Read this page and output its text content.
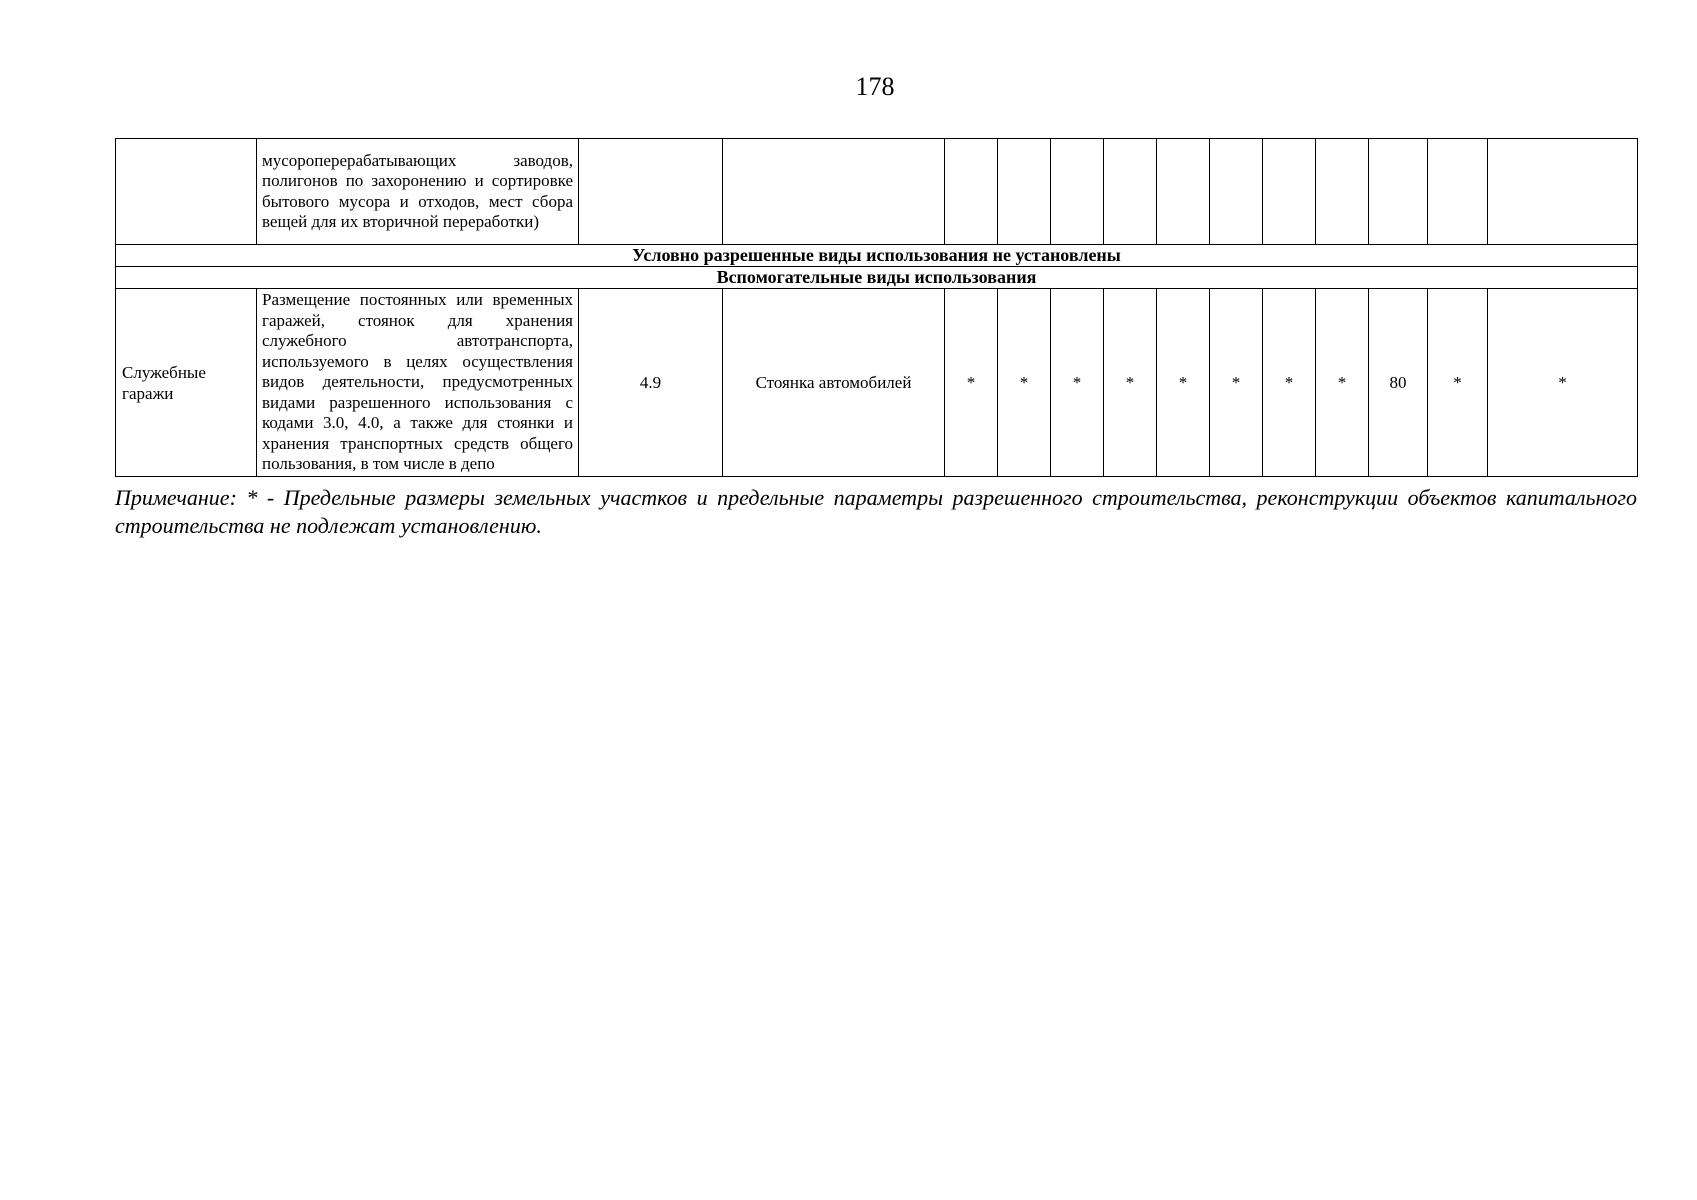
178
	мусороперерабатывающих заводов, полигонов по захоронению и сортировке бытового мусора и отходов, мест сбора вещей для их вторичной переработки)													
Условно разрешенные виды использования не установлены														
Вспомогательные виды использования														
Служебные гаражи	Размещение постоянных или временных гаражей, стоянок для хранения служебного автотранспорта, используемого в целях осуществления видов деятельности, предусмотренных видами разрешенного использования с кодами 3.0, 4.0, а также для стоянки и хранения транспортных средств общего пользования, в том числе в депо	4.9	Стоянка автомобилей	*	*	*	*	*	*	*	*	80	*	*
Примечание: * - Предельные размеры земельных участков и предельные параметры разрешенного строительства, реконструкции объектов капитального строительства не подлежат установлению.
